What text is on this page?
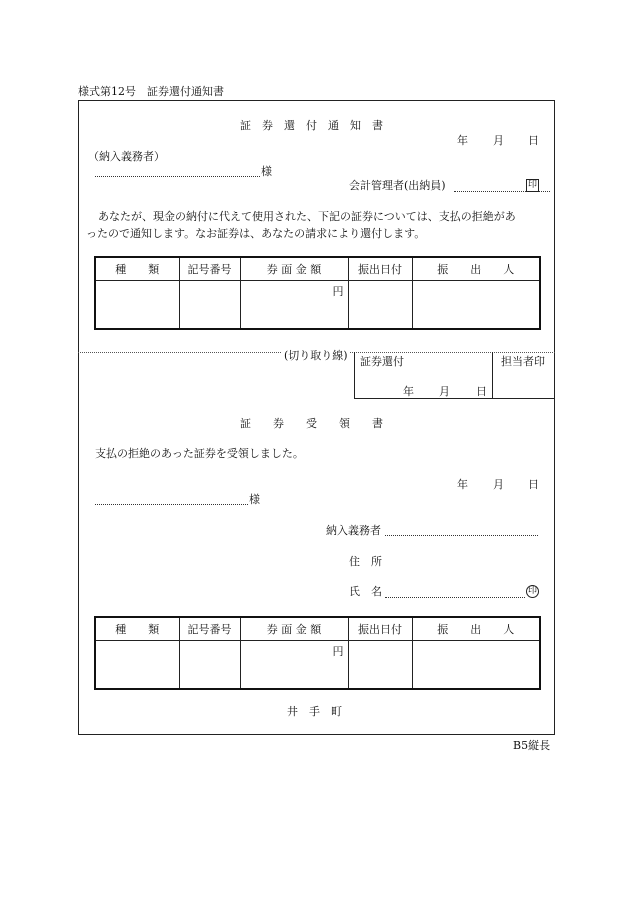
様式第12号　証券還付通知書
証　券　還　付　通　知　書
年 月 日
（納入義務者）
様
会計管理者(出納員)	印
あなたが、現金の納付に代えて使用された、下記の証券については、支払の拒絶があ
ったので通知します。なお証券は、あなたの請求により還付します。
種　　類	記号番号	券 面 金 額	振出日付	振　　出　　人
		円		
(切り取り線) 証券還付	担当者印
年 月 日
証　　券　　受　　領　　書
支払の拒絶のあった証券を受領しました。
年 月 日
様
納入義務者
住　所
氏　名	印
種　　類	記号番号	券 面 金 額	振出日付	振　　出　　人
		円		
井　手　町
B5縦長
